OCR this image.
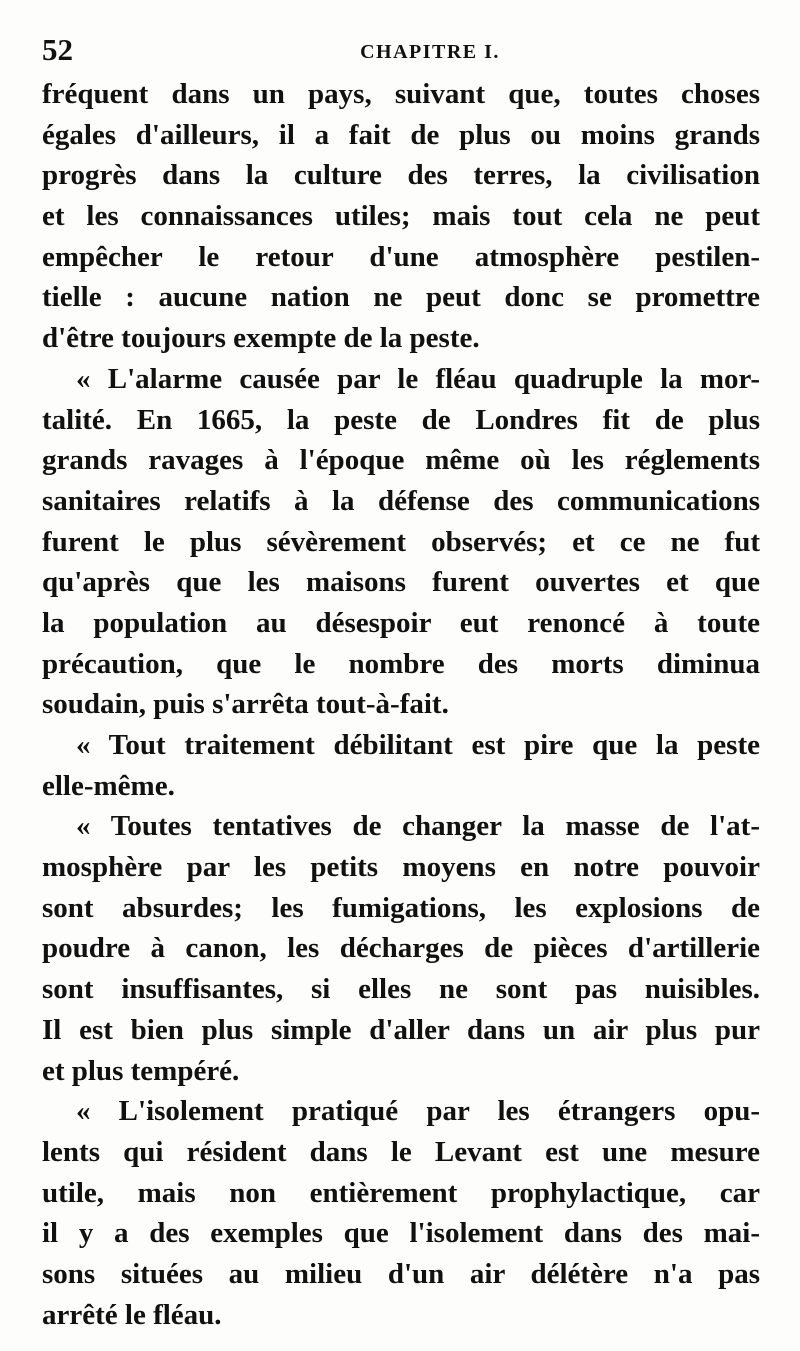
52	CHAPITRE I.
fréquent dans un pays, suivant que, toutes choses
égales d'ailleurs, il a fait de plus ou moins grands
progrès dans la culture des terres, la civilisation
et les connaissances utiles; mais tout cela ne peut
empêcher le retour d'une atmosphère pestilen-
tielle : aucune nation ne peut donc se promettre
d'être toujours exempte de la peste.
« L'alarme causée par le fléau quadruple la mor-
talité. En 1665, la peste de Londres fit de plus
grands ravages à l'époque même où les réglements
sanitaires relatifs à la défense des communications
furent le plus sévèrement observés; et ce ne fut
qu'après que les maisons furent ouvertes et que
la population au désespoir eut renoncé à toute
précaution, que le nombre des morts diminua
soudain, puis s'arrêta tout-à-fait.
« Tout traitement débilitant est pire que la peste
elle-même.
« Toutes tentatives de changer la masse de l'at-
mosphère par les petits moyens en notre pouvoir
sont absurdes; les fumigations, les explosions de
poudre à canon, les décharges de pièces d'artillerie
sont insuffisantes, si elles ne sont pas nuisibles.
Il est bien plus simple d'aller dans un air plus pur
et plus tempéré.
« L'isolement pratiqué par les étrangers opu-
lents qui résident dans le Levant est une mesure
utile, mais non entièrement prophylactique, car
il y a des exemples que l'isolement dans des mai-
sons situées au milieu d'un air délétère n'a pas
arrêté le fléau.
